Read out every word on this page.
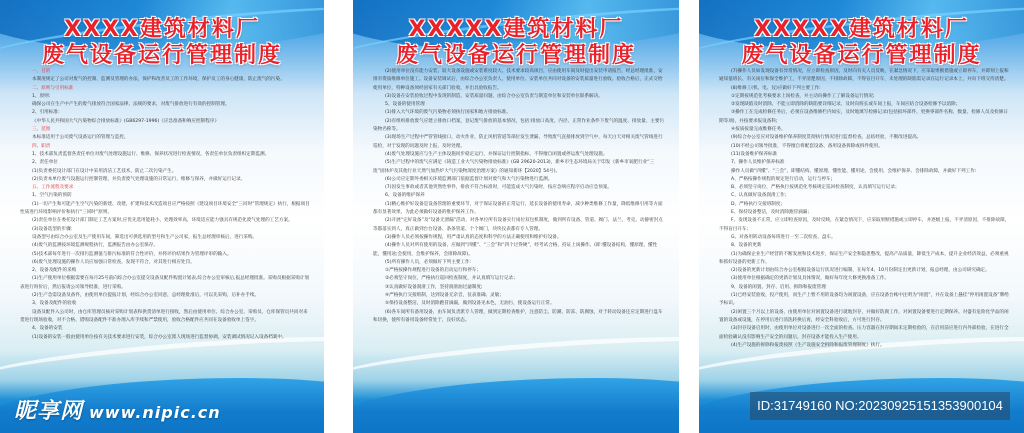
XXXX建筑材料厂
废气设备运行管理制度

一、目的

本制度规定了公司对废气的控制、监测及管理的办法，保护和改善员工的工作环境，保护员工的身心健康，防止废气的污染。

二、原则与引用标准

1、原则：

确保公司在生产中产生的废气排放符合国家法律、法规的要求，对废气排放进行有效的控制管理。

2、引用标准：

《中华人民共和国大气污染物综合排放标准》(GB6297-1996)《应急准备和响应控制程序》

三、范围

本标准适用于公司废气设备运行的管理与监控。

四、职责

1、技术部负责监督各责任单位对废气处理设施运行、维修、保养状况进行检查情况，各责任单位负责组织定期监测。

2、责任单位

(1)负责委托设计部门在设计中采用清洁工艺技术，防止二次污染产生。

(2)负责本单位废气设施运行控制管理，并负责废气处理设施的日常运行，维修与保养，并做好运行记录。

五、工作流程及要求

1、空气污染的预防

(1)一切产生和可能产生空气污染的新建、改建、扩建和技术改造项目应严格按照《建设项目环境安全“三同时”管理规定》执行，根据项目性质进行环境影响评价和执行“三同时”原则。

(2)责任单位在委托设计部门制定工艺方案时,应优先选用能耗小、处理效率高，环境适应能力强具有规范化废气处理的工艺方案。

(3)设备选型的步骤：

设备型号由综合办公室及生产使用车间，筛选出可供选用的型号和生产公司家，报生总经理审核后，进行采购。

(4)废气的监测按环境监测规程执行，监测报告由办公室保存。

(5)技术部每年进行一次排污监测值与排污标准的符合性评价，并将评价结果作为管理评审的输入。

(6)废气处理设施的操作人员应加强日常检查，发现不符合，对其进行相应处罚。

2、设备及配件的采购

(1)生产使用单位根据需要在每月25号前向综合办公室提交设备及配件购置计划表,综合办公室审核后,报总经理批准。采购员根据采购计划表进行询价后，然后报请公司领导批准，进行采购。

(2)生产急需设备及备件，由使用单位提报计划，经综合办公室同意，总经理批准后，可以先采购，后补办手续。

3、设备及配件的验收

设备及配件入公司时，由仓库管理员核对采购计划表和供货清单进行接收，然后由使用单位、综合办公室、采购员、仓库保管员共同对来货进行现场验收，对不合格、错购设备配件不准办理入库手续和严禁使用，验收合格配件应共同在设备验收单上签字。

4、设备的安装

(1)设备的安装一般由使用单位按有关技术要求进行安装，综合办公室派人现场进行监督协调，安装调试情况记入设备档案中。

XXXXX建筑材料厂
废气设备运行管理制度

(2)使用单位没有能力安装、较大设备设施或安装难度较大、技术要求较高项目，应由使用车间及时提出安装申请报告，经总经理批准，安排有资质维修单位施工。设备安装调试后，由综合办公室负责人、使用单位、安装单位共同对设备的安装质量进行验收。验收合格后，正式交给使用单位，特种设备须经国家有关部门验收，并出具验收报告。

(3)设备在安装验收过程中发现的制造、安装质量问题，由综合办公室负责与制造单位和安装单位联系解决。

5、设备的使用管理

(1)排入大气环境的废气污染物必须执行国家和地方排放标准。

(2)有组织排放废气应建立排放口档案，登记废气排放的基本情况，包括:排放口高度、内径、正常作业条件下废气的温度、排放量、主要污染物名称等。

(3)现场生产过程中严管管线接口，动火作业，防止风机管道等部位发生泄漏，导致废气直接排放到空气中，每天白天对相关废气管线进行巡检，对于发现的问题及时上报，及时处理。

(4)废气处理设施应与生产主体设施同步稳定运行，并保证运行控制指标，不得擅自闲置或停运废气处理设施。

(5)生产过程中的废气应满足《铸造工业大气污染物排放标准》(GB 29620-2013)，新乡市生态环境局关于印发《新乡市氧肥行业“三废”固体炉及其他行业天然气加热炉大气污染物深度治理方案》的通知新环【2020】54号)。

(6)公司应定期外委相关环境监测部门依据监督计划对废气和大气污染物进行监测。

(7)因发生事故或者其他突然性事件，排放不符合标准时，可能造成大气污染时，按应急响应程序启动应急预案。

6、设备的维护保养

(1)精心维护好设备是设备管理的重要环节，对于保证设备的正常运行、延长设备的使用寿命，减少种类维修工作量，降低维修引用等方面都有显著效果，为此必须做好设备的维护保养工作。

(2)开展“完好设备”及“设备无泄漏”活动，对各单位所有设备实行岗位双包机制度，做到所有设备、管道、阀门、法兰、考克、动静密封点等都落实到人，真正做到台台设备、条条管道、个个阀门，块块仪表都有专人管理。

(3)操作人员必须按操作规程，用严肃认真的态度和科学的方法正确使用和维护好设备。

(4)操作人员对所有使用的设备，应做到“四懂”、“三会”和“四个过得硬”，经考试合格，持证上岗操作。(即:懂设备结构，懂原理，懂性能，懂用途;会使用，会维护保养，会排除故障)。

(5)所有操作人员，必须做好下列主要工作：

①严格按操作规程进行设备的启动运行和停车；

②必须坚守岗位，严格执行巡回检查制度，并认真填写运行记录；

③认真做好设备润滑工作，坚持润滑油过滤制度;

④严格执行交接班制，达到设备无杂音，仪表准确、灵敏；

⑤保持设备整洁，及时消除跑冒滴漏，做到设备见本色，无油污，使设备运行正常。

(6)各车间所有备用设备，由车间负责派专人管理，做到定期检查维护，注意防尘、防潮、防冻、防腐蚀，对于转动设备还应定期进行盘车和切换，使所有备用设备经常处于，良好状态。

XXXXX建筑材料厂
废气设备运行管理制度

(7)操作人员如发现设备有异常情况，应立即检查原因，及时向有关人员反映，在紧急情况下，应采取果断措施或立即停车，并即刻上报和通知值班长、有关岗位和保全维护工，不弄清楚原因，不排除故障，不得盲目开车，未处理的缺陷需记录在运行记录本上，并向下班交待清楚。

(8)维修工(机、电、仪)应做好下列主要工作:

①定期按规范化考核要求上岗检查，并主动向操作工了解设备运行情况;

②发现缺陷及时消除，不能立即消除的缺陷要详细记录，及时向班长或车间上报，车间应结合设备检修予以消除；

③操作工在完成检修任务后，必须在设备维修栏内如实，及时地填写检修记录(包括损坏部件、更换零部件名称，数量、检修人员及检修日期等项)，并按要求报设备科;

④按质按量完成维修任务。

(9)综合办公室应对设备维护保养制度贯彻执行情况进行监督检查，总结经验，不断改进提高。

(10)不经公司领导批准，不得擅自将配套设备、备用设备拆除或拆件使用。

(11)设备维护保养标准

7、操作人员维护保养标准

操作人员做“四懂”、“三会”，即懂结构、懂原理、懂性能、懂用途，会使用、会维护保养、会排除故障，并做好下列工作:

A、严格按操作规程的规定进行启动，运行与停车;

B、必须坚守岗位，严格执行按规范化考核规定巡回检查制度，认真填写运行记录；

C、认真做好设备润滑工作；

D、严格执行交接班制度;

E、保持设备整洁，及时消除跑冒滴漏；

F、发现设备不正常，应立即检查原因，及时反映，在紧急情况下，应采取果断措施或立即停车，并逐级上报，不弄清原因，不排除故障，不得盲目开车；

G、对备用转动设备每班进行一至二次检查、盘车。

8、设备的更新

(1)为确保企业生产经营的不断发展和技术进步，保证生产安全和隐患整改，提高产品质量，降低生产成本，提升企业经济效益，必须重视和抓好设备的更新工作。

(2)设备的更新计划由综合办公室根据设备运行状况进行编制，在每年4、10月份制定出更新计划，报总经理，由公司研究确定。

(3)使用单位根据确定的更新计划及具体情况，做好每年度大修更换准备工作。

9、设备的闲置、封存、启用、拆除和报废管理

(1)已经安装验收，投产使用，而生产上暂不用的设备均为闲置设备，应在设备台帐中注明为“闲置”，并在设备上悬挂“停用闲置设备”牌给予标识。

(2)闲置三个月以上的设备，由使用单位对闲置设备进行就地封存，并做好防腐工作，对闲置设备要进行定期保养。对盛有危险化学品的闲置的设备或设施，在停用后进行清洗转换后再，经安全科验收后，方可进行封存。

(3)封存设备启用时，由使用单位对设备进行一次全面的检查。压力容器在封存期间未定期检验的，在启用前应进行内外部检验，在进行全面检验确认没有影响生产安全的问题后，封存设备才能投入生产使用。

(4)生产设施的拆除和报废按照《生产设施安全拆除和报废管理制度》执行。

昵享网 www.nipic.cn	ID:31749160 NO:20230925151353900104
